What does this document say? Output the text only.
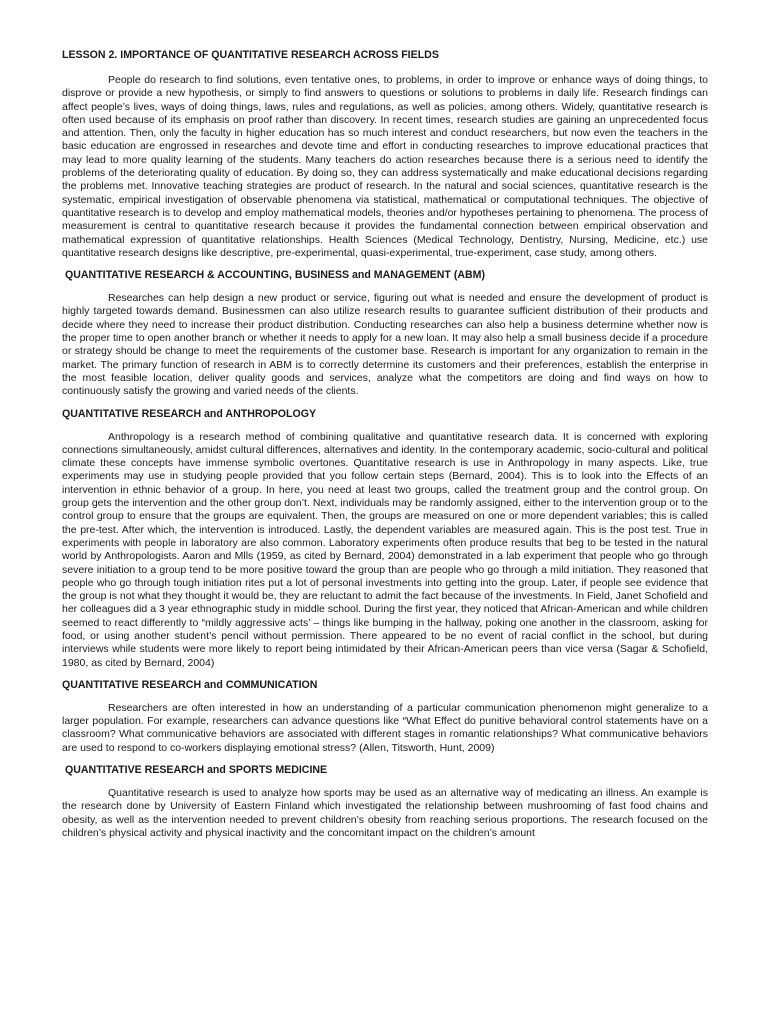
LESSON 2. IMPORTANCE OF QUANTITATIVE RESEARCH ACROSS FIELDS

People do research to find solutions, even tentative ones, to problems, in order to improve or enhance ways of doing things, to disprove or provide a new hypothesis, or simply to find answers to questions or solutions to problems in daily life. Research findings can affect people’s lives, ways of doing things, laws, rules and regulations, as well as policies, among others. Widely, quantitative research is often used because of its emphasis on proof rather than discovery. In recent times, research studies are gaining an unprecedented focus and attention. Then, only the faculty in higher education has so much interest and conduct researchers, but now even the teachers in the basic education are engrossed in researches and devote time and effort in conducting researches to improve educational practices that may lead to more quality learning of the students. Many teachers do action researches because there is a serious need to identify the problems of the deteriorating quality of education. By doing so, they can address systematically and make educational decisions regarding the problems met. Innovative teaching strategies are product of research. In the natural and social sciences, quantitative research is the systematic, empirical investigation of observable phenomena via statistical, mathematical or computational techniques. The objective of quantitative research is to develop and employ mathematical models, theories and/or hypotheses pertaining to phenomena. The process of measurement is central to quantitative research because it provides the fundamental connection between empirical observation and mathematical expression of quantitative relationships. Health Sciences (Medical Technology, Dentistry, Nursing, Medicine, etc.) use quantitative research designs like descriptive, pre-experimental, quasi-experimental, true-experiment, case study, among others.

QUANTITATIVE RESEARCH & ACCOUNTING, BUSINESS and MANAGEMENT (ABM)

Researches can help design a new product or service, figuring out what is needed and ensure the development of product is highly targeted towards demand. Businessmen can also utilize research results to guarantee sufficient distribution of their products and decide where they need to increase their product distribution. Conducting researches can also help a business determine whether now is the proper time to open another branch or whether it needs to apply for a new loan. It may also help a small business decide if a procedure or strategy should be change to meet the requirements of the customer base. Research is important for any organization to remain in the market. The primary function of research in ABM is to correctly determine its customers and their preferences, establish the enterprise in the most feasible location, deliver quality goods and services, analyze what the competitors are doing and find ways on how to continuously satisfy the growing and varied needs of the clients.

QUANTITATIVE RESEARCH and ANTHROPOLOGY

Anthropology is a research method of combining qualitative and quantitative research data. It is concerned with exploring connections simultaneously, amidst cultural differences, alternatives and identity. In the contemporary academic, socio-cultural and political climate these concepts have immense symbolic overtones. Quantitative research is use in Anthropology in many aspects. Like, true experiments may use in studying people provided that you follow certain steps (Bernard, 2004). This is to look into the Effects of an intervention in ethnic behavior of a group. In here, you need at least two groups, called the treatment group and the control group. On group gets the intervention and the other group don’t. Next, individuals may be randomly assigned, either to the intervention group or to the control group to ensure that the groups are equivalent. Then, the groups are measured on one or more dependent variables; this is called the pre-test. After which, the intervention is introduced. Lastly, the dependent variables are measured again. This is the post test. True in experiments with people in laboratory are also common. Laboratory experiments often produce results that beg to be tested in the natural world by Anthropologists. Aaron and Mlls (1959, as cited by Bernard, 2004) demonstrated in a lab experiment that people who go through severe initiation to a group tend to be more positive toward the group than are people who go through a mild initiation. They reasoned that people who go through tough initiation rites put a lot of personal investments into getting into the group. Later, if people see evidence that the group is not what they thought it would be, they are reluctant to admit the fact because of the investments. In Field, Janet Schofield and her colleagues did a 3 year ethnographic study in middle school. During the first year, they noticed that African-American and while children seemed to react differently to “mildly aggressive acts’ – things like bumping in the hallway, poking one another in the classroom, asking for food, or using another student’s pencil without permission. There appeared to be no event of racial conflict in the school, but during interviews while students were more likely to report being intimidated by their African-American peers than vice versa (Sagar & Schofield, 1980, as cited by Bernard, 2004)

QUANTITATIVE RESEARCH and COMMUNICATION

Researchers are often interested in how an understanding of a particular communication phenomenon might generalize to a larger population. For example, researchers can advance questions like “What Effect do punitive behavioral control statements have on a classroom? What communicative behaviors are associated with different stages in romantic relationships? What communicative behaviors are used to respond to co-workers displaying emotional stress? (Allen, Titsworth, Hunt, 2009)

QUANTITATIVE RESEARCH and SPORTS MEDICINE

Quantitative research is used to analyze how sports may be used as an alternative way of medicating an illness. An example is the research done by University of Eastern Finland which investigated the relationship between mushrooming of fast food chains and obesity, as well as the intervention needed to prevent children’s obesity from reaching serious proportions. The research focused on the children’s physical activity and physical inactivity and the concomitant impact on the children’s amount
